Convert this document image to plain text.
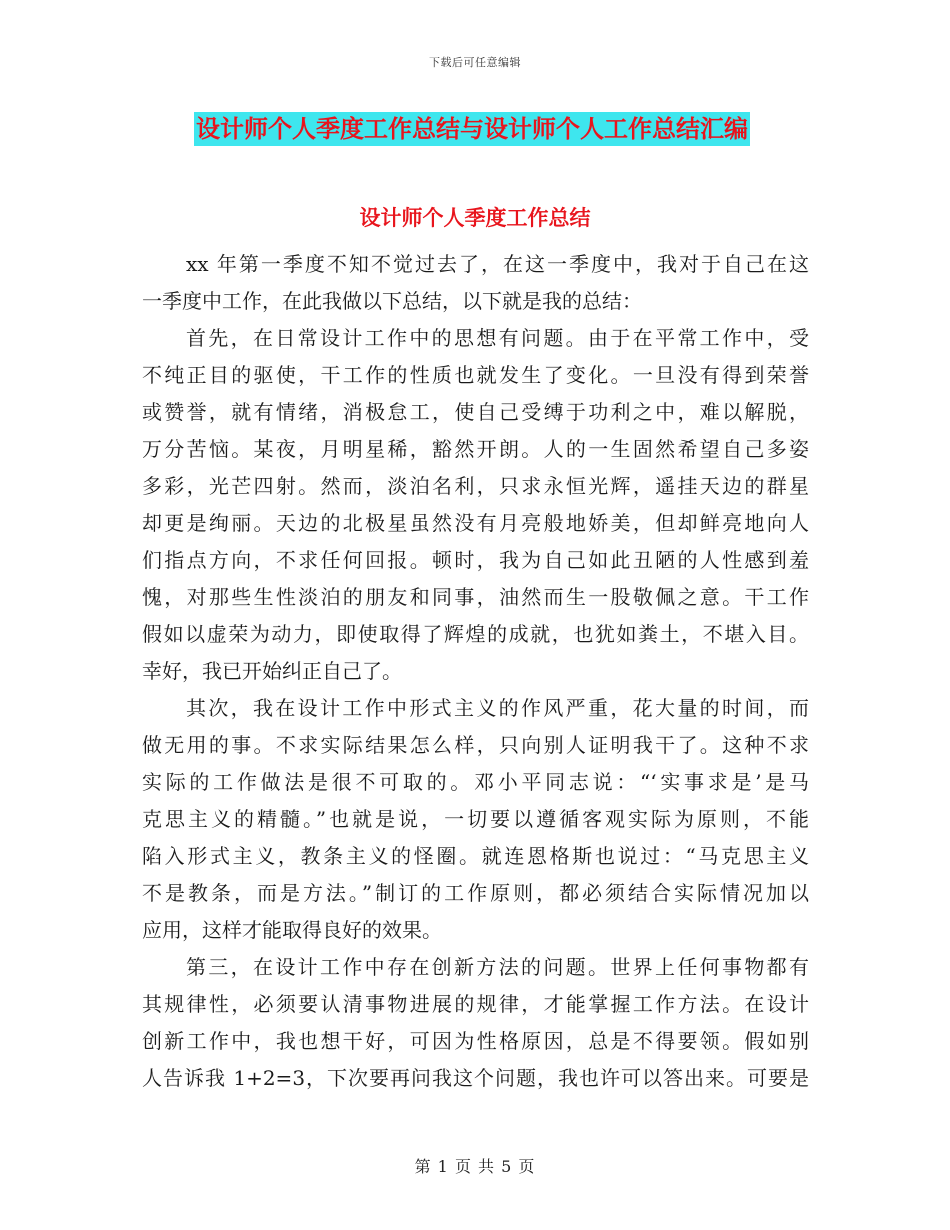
下载后可任意编辑
设计师个人季度工作总结与设计师个人工作总结汇编
设计师个人季度工作总结
xx 年第一季度不知不觉过去了，在这一季度中，我对于自己在这
一季度中工作，在此我做以下总结，以下就是我的总结：
首先，在日常设计工作中的思想有问题。由于在平常工作中，受
不纯正目的驱使，干工作的性质也就发生了变化。一旦没有得到荣誉
或赞誉，就有情绪，消极怠工，使自己受缚于功利之中，难以解脱，
万分苦恼。某夜，月明星稀，豁然开朗。人的一生固然希望自己多姿
多彩，光芒四射。然而，淡泊名利，只求永恒光辉，遥挂天边的群星
却更是绚丽。天边的北极星虽然没有月亮般地娇美，但却鲜亮地向人
们指点方向，不求任何回报。顿时，我为自己如此丑陋的人性感到羞
愧，对那些生性淡泊的朋友和同事，油然而生一股敬佩之意。干工作
假如以虚荣为动力，即使取得了辉煌的成就，也犹如粪土，不堪入目。
幸好，我已开始纠正自己了。
其次，我在设计工作中形式主义的作风严重，花大量的时间，而
做无用的事。不求实际结果怎么样，只向别人证明我干了。这种不求
实际的工作做法是很不可取的。邓小平同志说：“‘实事求是’是马
克思主义的精髓。”也就是说，一切要以遵循客观实际为原则，不能
陷入形式主义，教条主义的怪圈。就连恩格斯也说过：“马克思主义
不是教条，而是方法。”制订的工作原则，都必须结合实际情况加以
应用，这样才能取得良好的效果。
第三，在设计工作中存在创新方法的问题。世界上任何事物都有
其规律性，必须要认清事物进展的规律，才能掌握工作方法。在设计
创新工作中，我也想干好，可因为性格原因，总是不得要领。假如别
人告诉我 1+2=3，下次要再问我这个问题，我也许可以答出来。可要是
第 1 页 共 5 页
